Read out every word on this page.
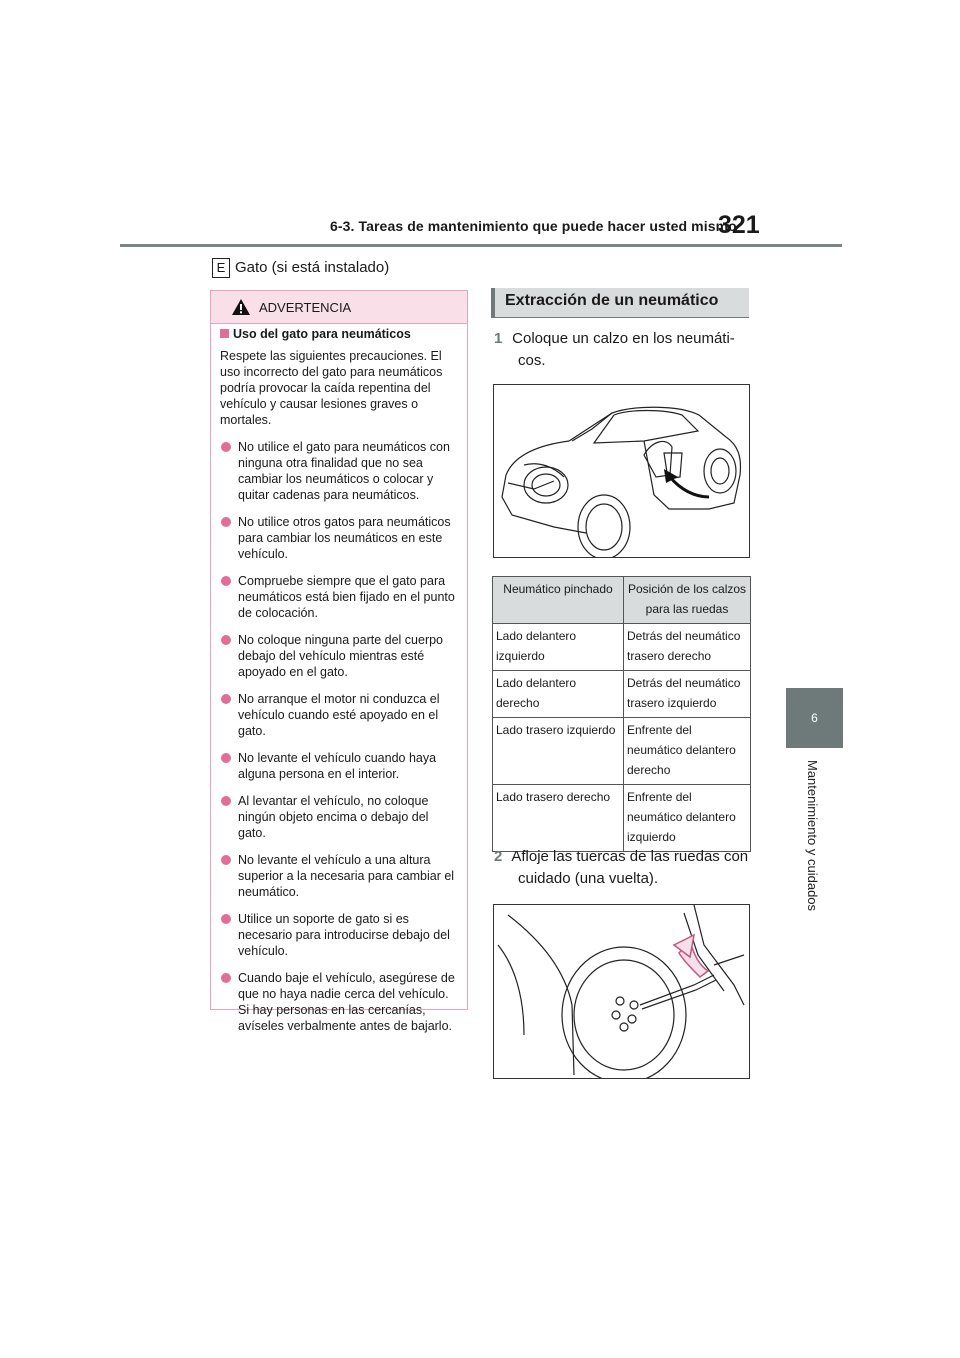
6-3. Tareas de mantenimiento que puede hacer usted mismo
321
6
Mantenimiento y cuidados
E Gato (si está instalado)
ADVERTENCIA
Uso del gato para neumáticos
Respete las siguientes precauciones. El uso incorrecto del gato para neumáticos podría provocar la caída repentina del vehículo y causar lesiones graves o mortales.
No utilice el gato para neumáticos con ninguna otra finalidad que no sea cambiar los neumáticos o colocar y quitar cadenas para neumáticos.
No utilice otros gatos para neumáticos para cambiar los neumáticos en este vehículo.
Compruebe siempre que el gato para neumáticos está bien fijado en el punto de colocación.
No coloque ninguna parte del cuerpo debajo del vehículo mientras esté apoyado en el gato.
No arranque el motor ni conduzca el vehículo cuando esté apoyado en el gato.
No levante el vehículo cuando haya alguna persona en el interior.
Al levantar el vehículo, no coloque ningún objeto encima o debajo del gato.
No levante el vehículo a una altura superior a la necesaria para cambiar el neumático.
Utilice un soporte de gato si es necesario para introducirse debajo del vehículo.
Cuando baje el vehículo, asegúrese de que no haya nadie cerca del vehículo. Si hay personas en las cercanías, avíseles verbalmente antes de bajarlo.
Extracción de un neumático
1 Coloque un calzo en los neumáti-
cos.
Neumático pinchado	Posición de los calzos para las ruedas
Lado delantero izquierdo	Detrás del neumático trasero derecho
Lado delantero derecho	Detrás del neumático trasero izquierdo
Lado trasero izquierdo	Enfrente del neumático delantero derecho
Lado trasero derecho	Enfrente del neumático delantero izquierdo
2 Afloje las tuercas de las ruedas con
cuidado (una vuelta).
